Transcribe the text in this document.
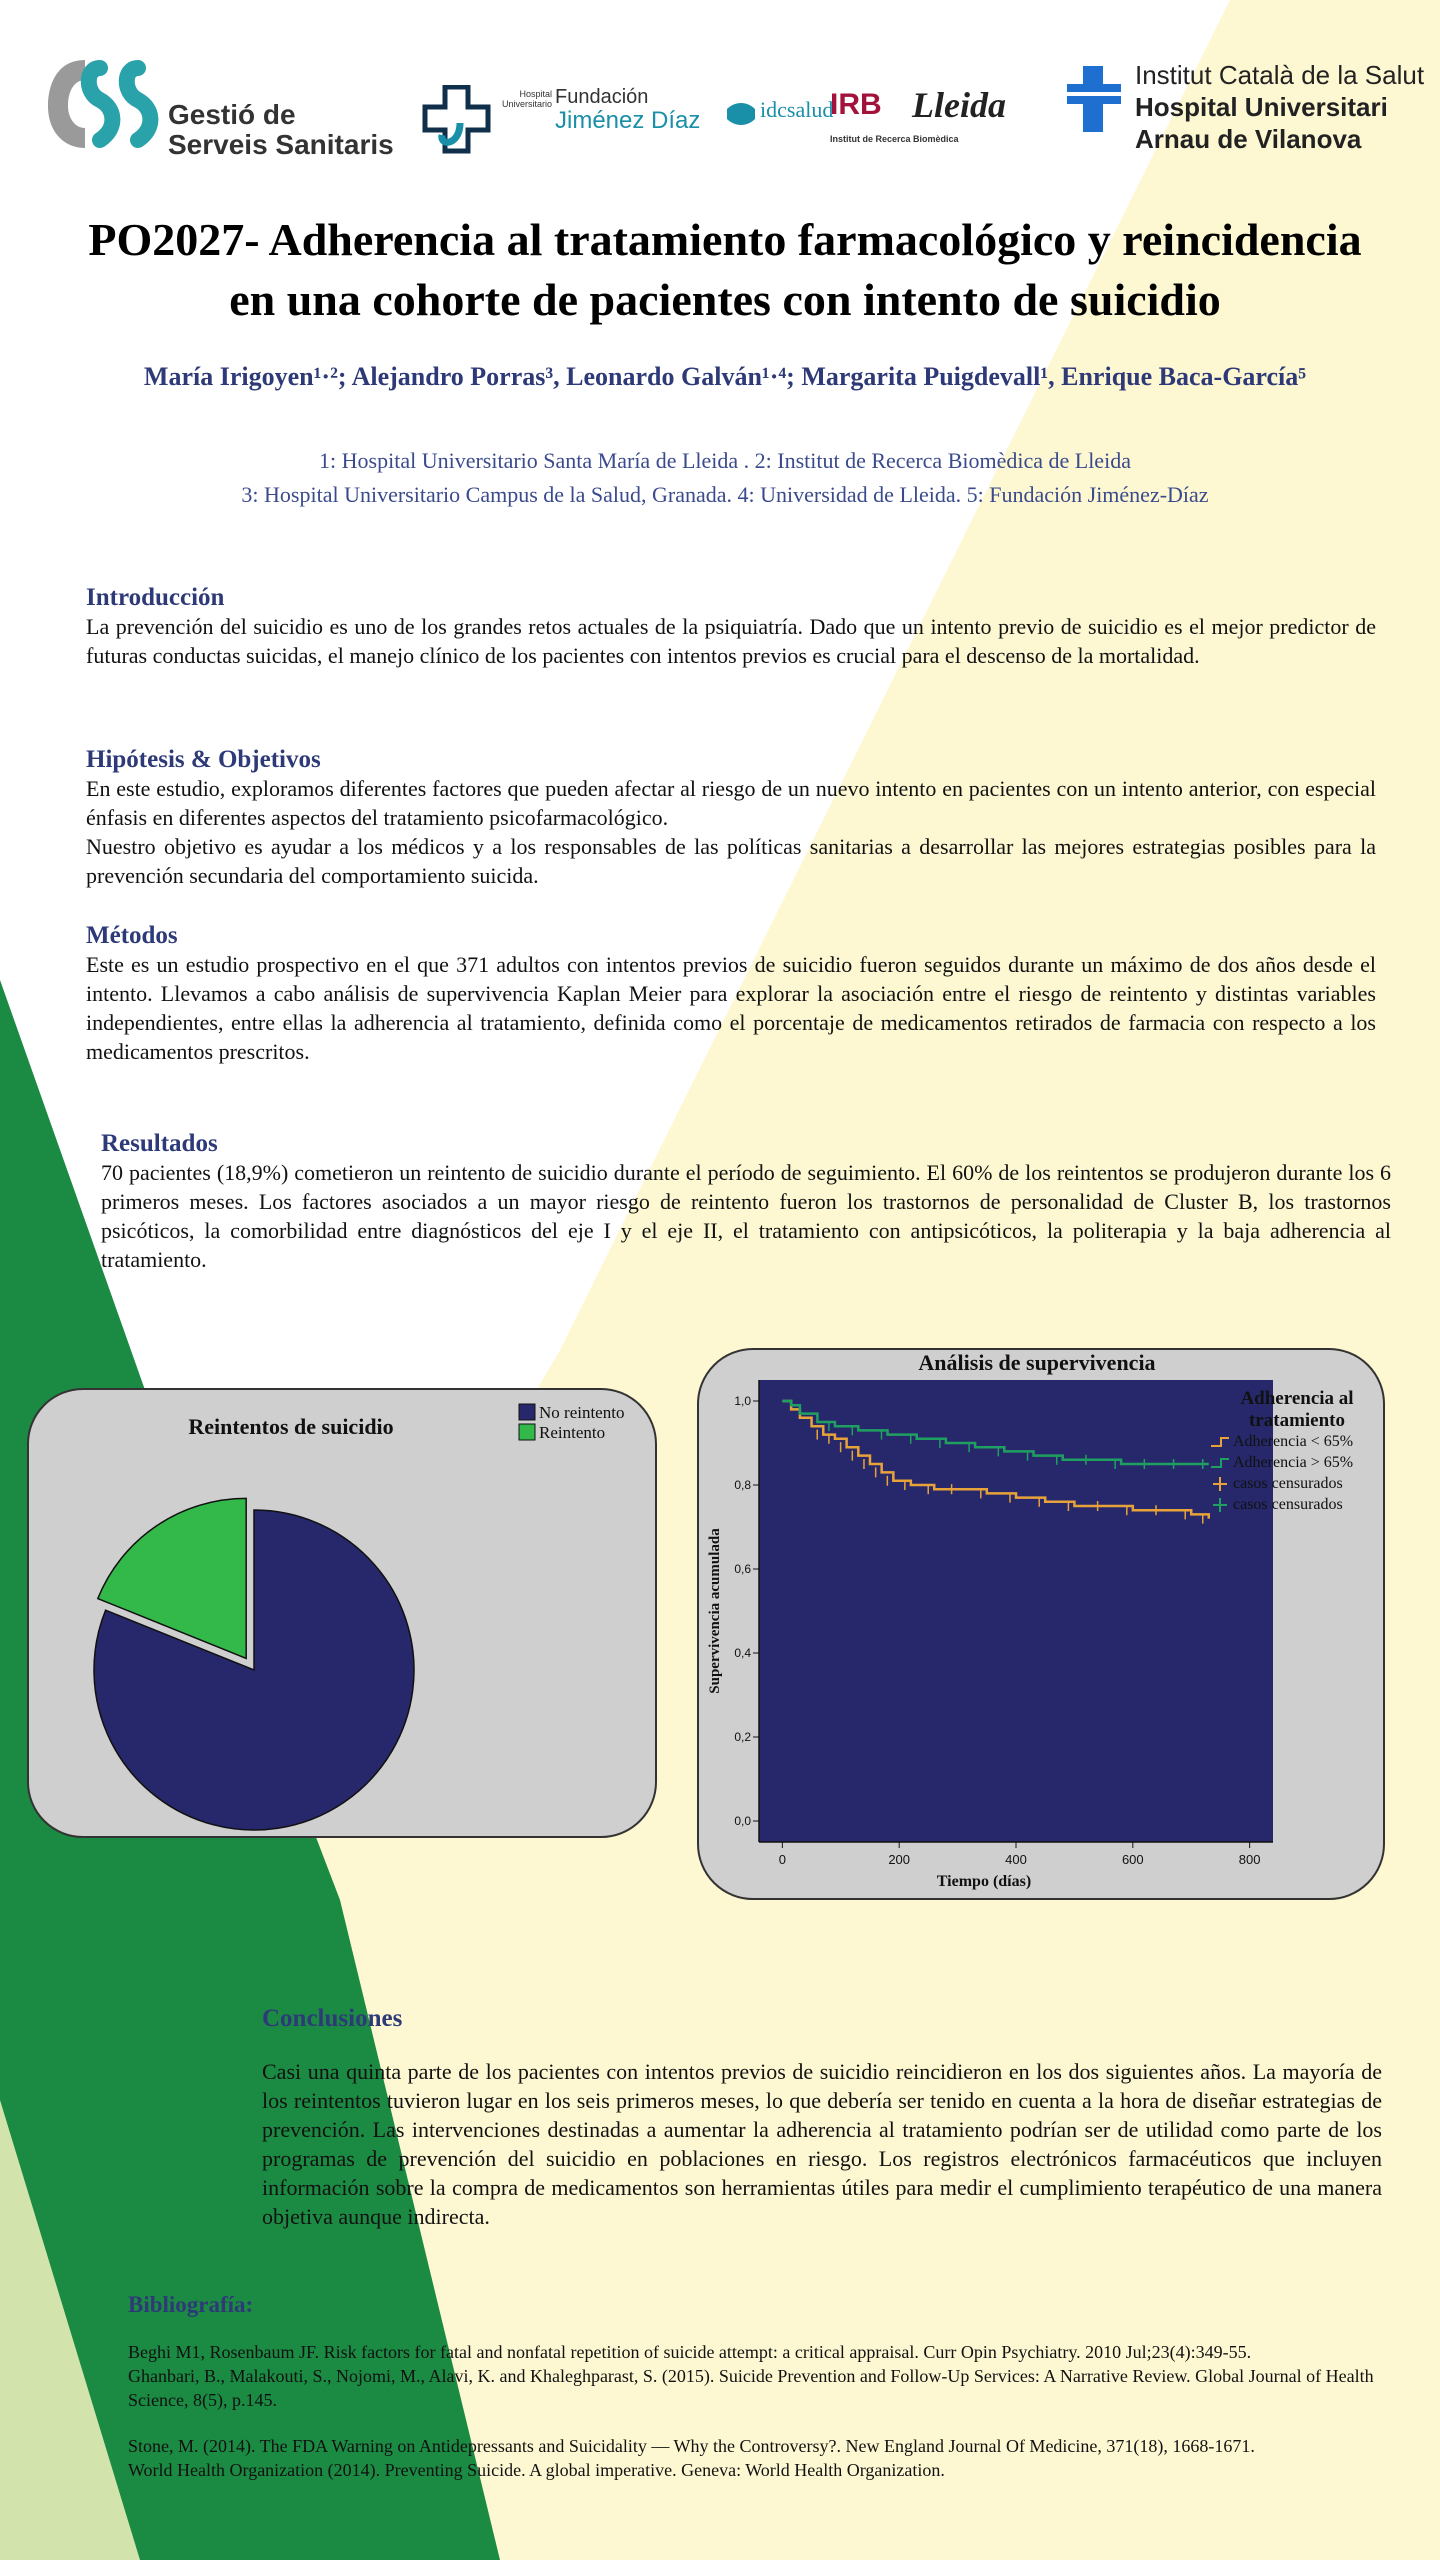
Gestió de
Serveis Sanitaris
Hospital Universitario Fundación
Jiménez Díaz	idcsalud
IRB Lleida
Institut de Recerca Biomèdica
Institut Català de la Salut
Hospital Universitari
Arnau de Vilanova
PO2027- Adherencia al tratamiento farmacológico y reincidencia
en una cohorte de pacientes con intento de suicidio
María Irigoyen¹·²; Alejandro Porras³, Leonardo Galván¹·⁴; Margarita Puigdevall¹, Enrique Baca-García⁵
1: Hospital Universitario Santa María de Lleida . 2: Institut de Recerca Biomèdica de Lleida
3: Hospital Universitario Campus de la Salud, Granada. 4: Universidad de Lleida. 5: Fundación Jiménez-Díaz
Introducción

La prevención del suicidio es uno de los grandes retos actuales de la psiquiatría. Dado que un intento previo de suicidio es el mejor predictor de futuras conductas suicidas, el manejo clínico de los pacientes con intentos previos es crucial para el descenso de la mortalidad.

Hipótesis & Objetivos

En este estudio, exploramos diferentes factores que pueden afectar al riesgo de un nuevo intento en pacientes con un intento anterior, con especial énfasis en diferentes aspectos del tratamiento psicofarmacológico.

Nuestro objetivo es ayudar a los médicos y a los responsables de las políticas sanitarias a desarrollar las mejores estrategias posibles para la prevención secundaria del comportamiento suicida.

Métodos

Este es un estudio prospectivo en el que 371 adultos con intentos previos de suicidio fueron seguidos durante un máximo de dos años desde el intento. Llevamos a cabo análisis de supervivencia Kaplan Meier para explorar la asociación entre el riesgo de reintento y distintas variables independientes, entre ellas la adherencia al tratamiento, definida como el porcentaje de medicamentos retirados de farmacia con respecto a los medicamentos prescritos.

Resultados

70 pacientes (18,9%) cometieron un reintento de suicidio durante el período de seguimiento. El 60% de los reintentos se produjeron durante los 6 primeros meses. Los factores asociados a un mayor riesgo de reintento fueron los trastornos de personalidad de Cluster B, los trastornos psicóticos, la comorbilidad entre diagnósticos del eje I y el eje II, el tratamiento con antipsicóticos, la politerapia y la baja adherencia al tratamiento.

Reintentos de suicidio
No reintento
Reintento
Análisis de supervivencia
0	200	400	600	800
0,0
0,2
0,4
0,6
0,8
1,0
Tiempo (días)
Supervivencia acumulada
Adherencia al
tratamiento
Adherencia < 65%
Adherencia > 65%
casos censurados
casos censurados
Conclusiones

Casi una quinta parte de los pacientes con intentos previos de suicidio reincidieron en los dos siguientes años. La mayoría de los reintentos tuvieron lugar en los seis primeros meses, lo que debería ser tenido en cuenta a la hora de diseñar estrategias de prevención. Las intervenciones destinadas a aumentar la adherencia al tratamiento podrían ser de utilidad como parte de los programas de prevención del suicidio en poblaciones en riesgo. Los registros electrónicos farmacéuticos que incluyen información sobre la compra de medicamentos son herramientas útiles para medir el cumplimiento terapéutico de una manera objetiva aunque indirecta.

Bibliografía:

Beghi M1, Rosenbaum JF. Risk factors for fatal and nonfatal repetition of suicide attempt: a critical appraisal. Curr Opin Psychiatry. 2010 Jul;23(4):349-55.

Ghanbari, B., Malakouti, S., Nojomi, M., Alavi, K. and Khaleghparast, S. (2015). Suicide Prevention and Follow-Up Services: A Narrative Review. Global Journal of Health Science, 8(5), p.145.

Stone, M. (2014). The FDA Warning on Antidepressants and Suicidality — Why the Controversy?. New England Journal Of Medicine, 371(18), 1668-1671.

World Health Organization (2014). Preventing Suicide. A global imperative. Geneva: World Health Organization.
